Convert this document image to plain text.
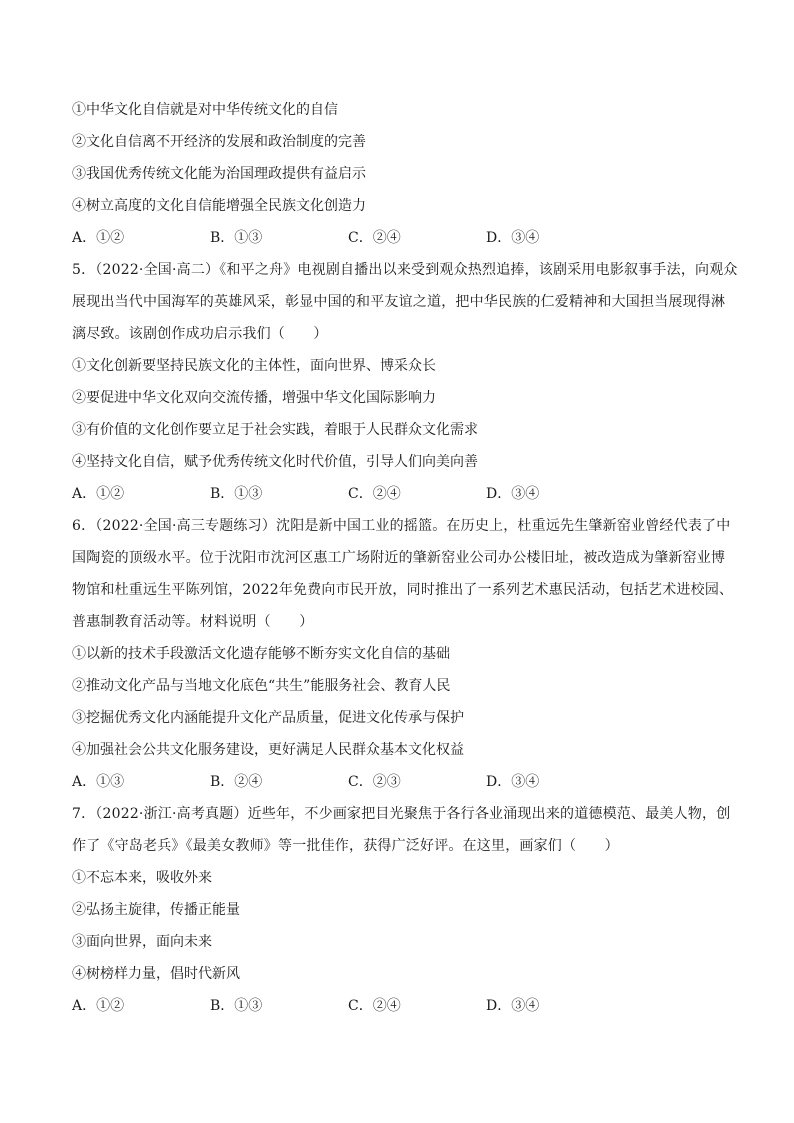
①中华文化自信就是对中华传统文化的自信
②文化自信离不开经济的发展和政治制度的完善
③我国优秀传统文化能为治国理政提供有益启示
④树立高度的文化自信能增强全民族文化创造力
A．①②	B．①③	C．②④	D．③④
5．（2022·全国·高二）《和平之舟》电视剧自播出以来受到观众热烈追捧，该剧采用电影叙事手法，向观众
展现出当代中国海军的英雄风采，彰显中国的和平友谊之道，把中华民族的仁爱精神和大国担当展现得淋
漓尽致。该剧创作成功启示我们（　　）
①文化创新要坚持民族文化的主体性，面向世界、博采众长
②要促进中华文化双向交流传播，增强中华文化国际影响力
③有价值的文化创作要立足于社会实践，着眼于人民群众文化需求
④坚持文化自信，赋予优秀传统文化时代价值，引导人们向美向善
A．①②	B．①③	C．②④	D．③④
6．（2022·全国·高三专题练习）沈阳是新中国工业的摇篮。在历史上，杜重远先生肇新窑业曾经代表了中
国陶瓷的顶级水平。位于沈阳市沈河区惠工广场附近的肇新窑业公司办公楼旧址，被改造成为肇新窑业博
物馆和杜重远生平陈列馆，2022年免费向市民开放，同时推出了一系列艺术惠民活动，包括艺术进校园、
普惠制教育活动等。材料说明（　　）
①以新的技术手段激活文化遗存能够不断夯实文化自信的基础
②推动文化产品与当地文化底色“共生”能服务社会、教育人民
③挖掘优秀文化内涵能提升文化产品质量，促进文化传承与保护
④加强社会公共文化服务建设，更好满足人民群众基本文化权益
A．①③	B．②④	C．②③	D．③④
7．（2022·浙江·高考真题）近些年，不少画家把目光聚焦于各行各业涌现出来的道德模范、最美人物，创
作了《守岛老兵》《最美女教师》等一批佳作，获得广泛好评。在这里，画家们（　　）
①不忘本来，吸收外来
②弘扬主旋律，传播正能量
③面向世界，面向未来
④树榜样力量，倡时代新风
A．①②	B．①③	C．②④	D．③④
